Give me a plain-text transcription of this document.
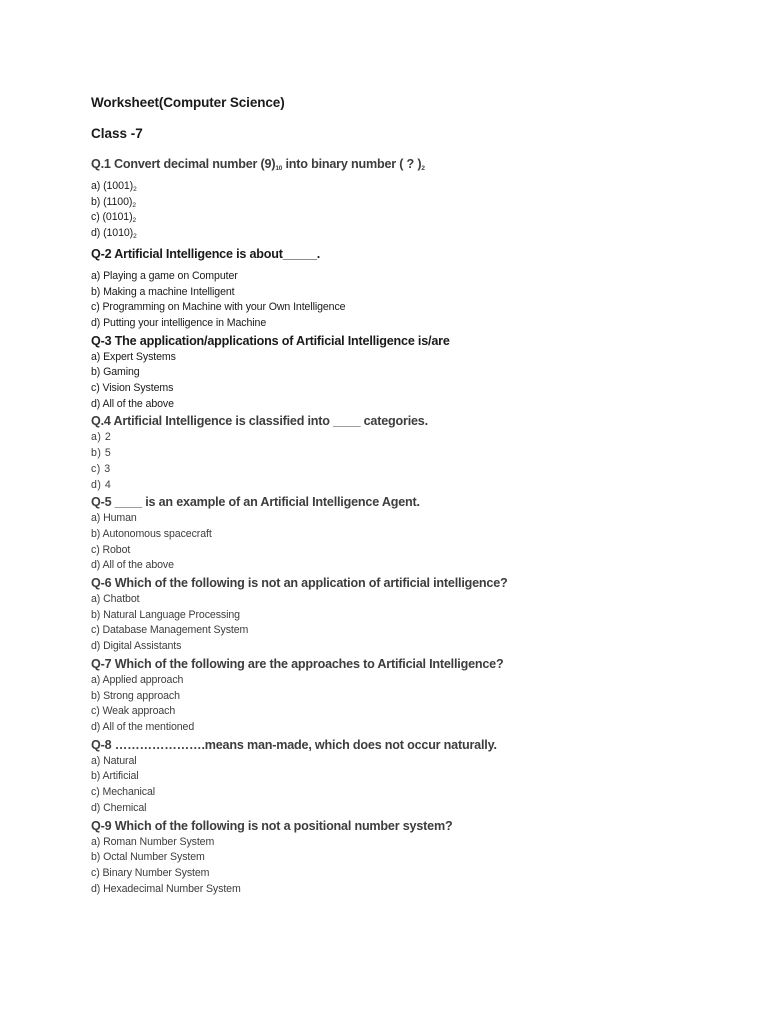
Worksheet(Computer Science)
Class -7
Q.1 Convert decimal number $(9)_{10}$ into binary number ( ? )$_2$
a) $(1001)_2$
b) $(1100)_2$
c) $(0101)_2$
d) $(1010)_2$
Q-2 Artificial Intelligence is about_____.
a) Playing a game on Computer
b) Making a machine Intelligent
c) Programming on Machine with your Own Intelligence
d) Putting your intelligence in Machine
Q-3 The application/applications of Artificial Intelligence is/are
a) Expert Systems
b) Gaming
c) Vision Systems
d) All of the above
Q.4 Artificial Intelligence is classified into ____ categories.
a) 2
b) 5
c) 3
d) 4
Q-5 ____ is an example of an Artificial Intelligence Agent.
a) Human
b) Autonomous spacecraft
c) Robot
d) All of the above
Q-6 Which of the following is not an application of artificial intelligence?
a) Chatbot
b) Natural Language Processing
c) Database Management System
d) Digital Assistants
Q-7 Which of the following are the approaches to Artificial Intelligence?
a) Applied approach
b) Strong approach
c) Weak approach
d) All of the mentioned
Q-8 ………………….means man-made, which does not occur naturally.
a) Natural
b) Artificial
c) Mechanical
d) Chemical
Q-9 Which of the following is not a positional number system?
a) Roman Number System
b) Octal Number System
c) Binary Number System
d) Hexadecimal Number System
